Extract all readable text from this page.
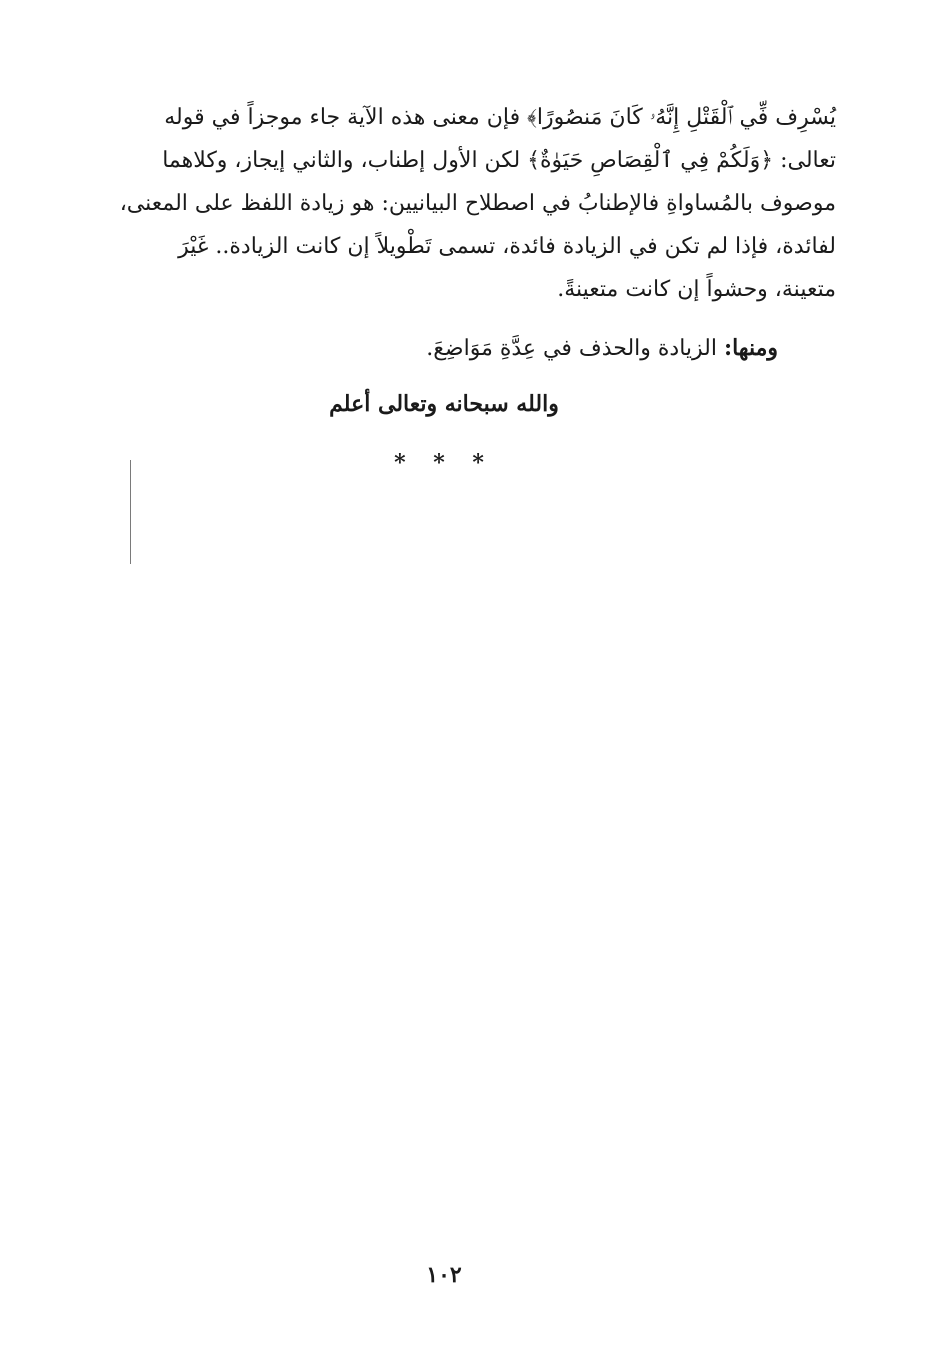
يُسْرِف فِّي ٱلْقَتْلِ إِنَّهُۥ كَانَ مَنصُورًا﴾ فإن معنى هذه الآية جاء موجزاً في قوله

تعالى: ﴿وَلَكُمْ فِي ٱلْقِصَاصِ حَيَوٰةٌ﴾ لكن الأول إطناب، والثاني إيجاز، وكلاهما

موصوف بالمُساواةِ فالإطنابُ في اصطلاح البيانيين: هو زيادة اللفظ على المعنى،

لفائدة، فإذا لم تكن في الزيادة فائدة، تسمى تَطْويلاً إن كانت الزيادة.. غَيْرَ

متعينة، وحشواً إن كانت متعينةً.

ومنها: الزيادة والحذف في عِدَّةِ مَوَاضِعَ.
والله سبحانه وتعالى أعلم
* * *
١٠٢
